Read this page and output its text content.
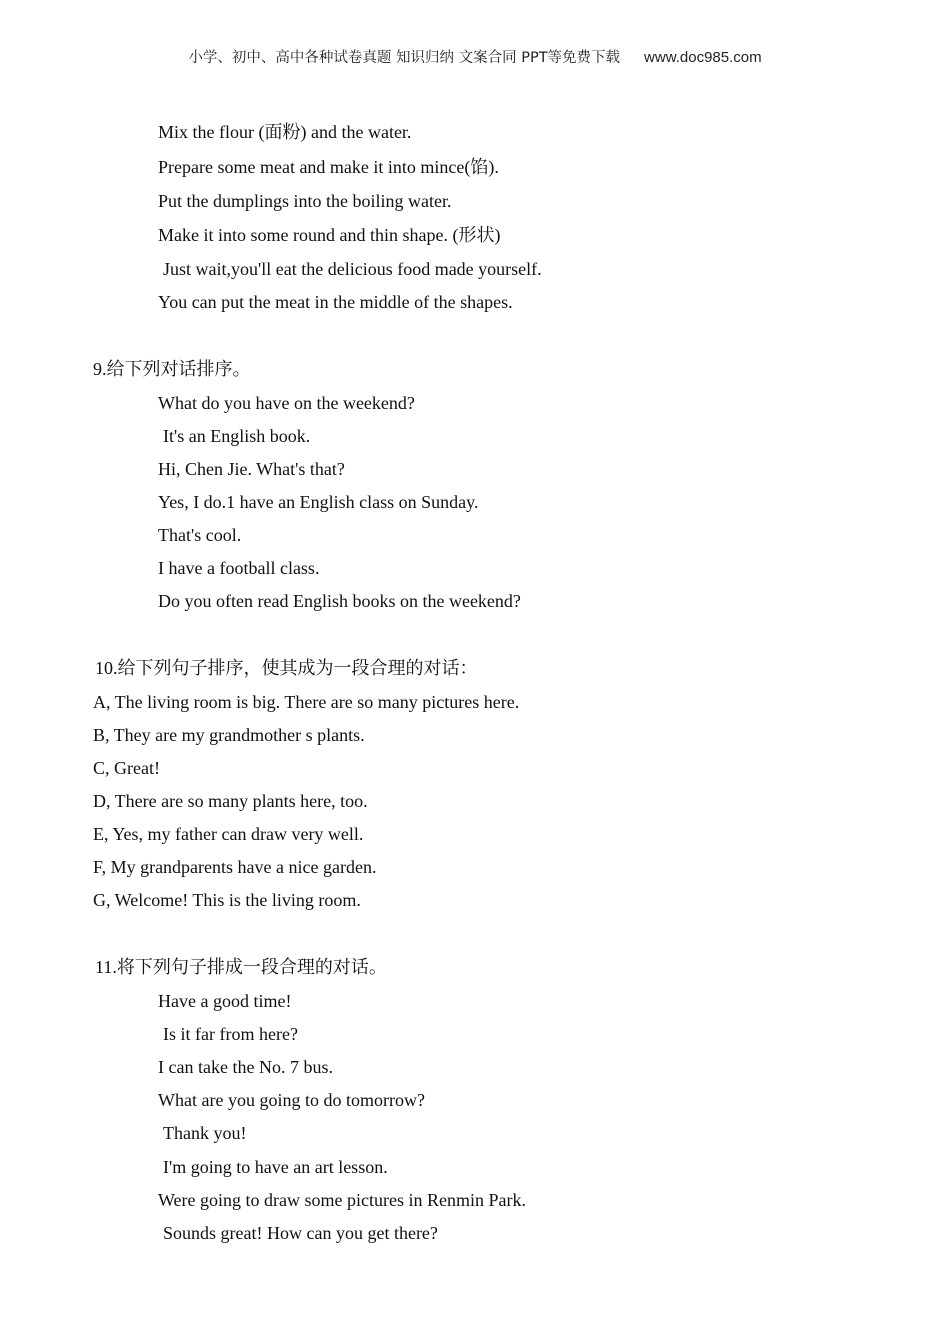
小学、初中、高中各种试卷真题 知识归纳 文案合同 PPT等免费下载 www.doc985.com
Mix the flour (面粉) and the water.
Prepare some meat and make it into mince(馅).
Put the dumplings into the boiling water.
Make it into some round and thin shape. (形状)
Just wait,you'll eat the delicious food made yourself.
You can put the meat in the middle of the shapes.
9.给下列对话排序。
What do you have on the weekend?
It's an English book.
Hi, Chen Jie. What's that?
Yes, I do.1 have an English class on Sunday.
That's cool.
I have a football class.
Do you often read English books on the weekend?
10.给下列句子排序，使其成为一段合理的对话：
A, The living room is big. There are so many pictures here.
B, They are my grandmother s plants.
C, Great!
D, There are so many plants here, too.
E, Yes, my father can draw very well.
F, My grandparents have a nice garden.
G, Welcome! This is the living room.
11.将下列句子排成一段合理的对话。
Have a good time!
Is it far from here?
I can take the No. 7 bus.
What are you going to do tomorrow?
Thank you!
I'm going to have an art lesson.
Were going to draw some pictures in Renmin Park.
Sounds great! How can you get there?
